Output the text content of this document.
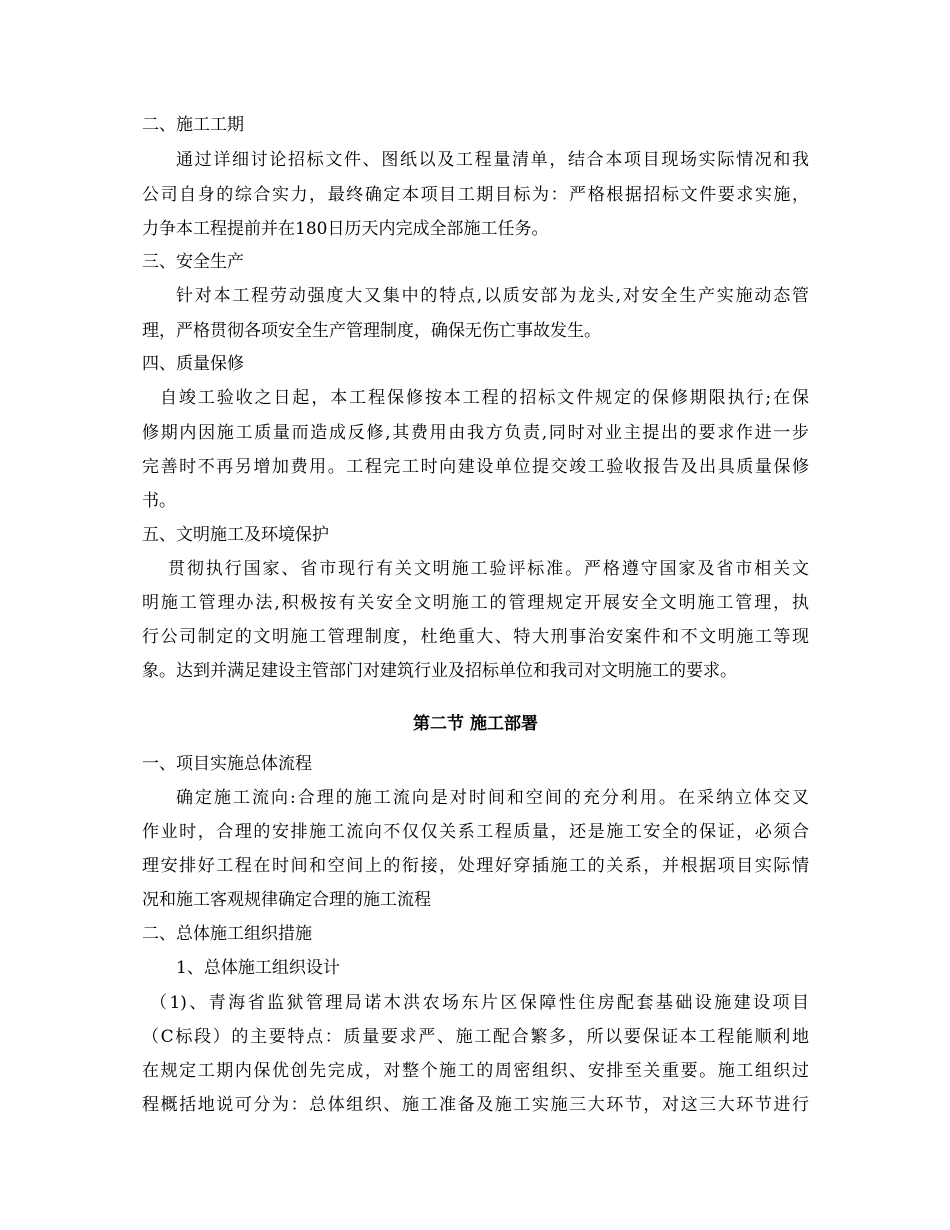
二、施工工期
通过详细讨论招标文件、图纸以及工程量清单，结合本项目现场实际情况和我
公司自身的综合实力，最终确定本项目工期目标为：严格根据招标文件要求实施，
力争本工程提前并在180日历天内完成全部施工任务。
三、安全生产
针对本工程劳动强度大又集中的特点,以质安部为龙头,对安全生产实施动态管
理，严格贯彻各项安全生产管理制度，确保无伤亡事故发生。
四、质量保修
自竣工验收之日起，本工程保修按本工程的招标文件规定的保修期限执行;在保
修期内因施工质量而造成反修,其费用由我方负责,同时对业主提出的要求作进一步
完善时不再另增加费用。工程完工时向建设单位提交竣工验收报告及出具质量保修
书。
五、文明施工及环境保护
贯彻执行国家、省市现行有关文明施工验评标准。严格遵守国家及省市相关文
明施工管理办法,积极按有关安全文明施工的管理规定开展安全文明施工管理，执
行公司制定的文明施工管理制度，杜绝重大、特大刑事治安案件和不文明施工等现
象。达到并满足建设主管部门对建筑行业及招标单位和我司对文明施工的要求。
第二节 施工部署
一、项目实施总体流程
确定施工流向:合理的施工流向是对时间和空间的充分利用。在采纳立体交叉
作业时，合理的安排施工流向不仅仅关系工程质量，还是施工安全的保证，必须合
理安排好工程在时间和空间上的衔接，处理好穿插施工的关系，并根据项目实际情
况和施工客观规律确定合理的施工流程
二、总体施工组织措施
1、总体施工组织设计
（1)、青海省监狱管理局诺木洪农场东片区保障性住房配套基础设施建设项目
（C标段）的主要特点：质量要求严、施工配合繁多，所以要保证本工程能顺利地
在规定工期内保优创先完成，对整个施工的周密组织、安排至关重要。施工组织过
程概括地说可分为：总体组织、施工准备及施工实施三大环节，对这三大环节进行
